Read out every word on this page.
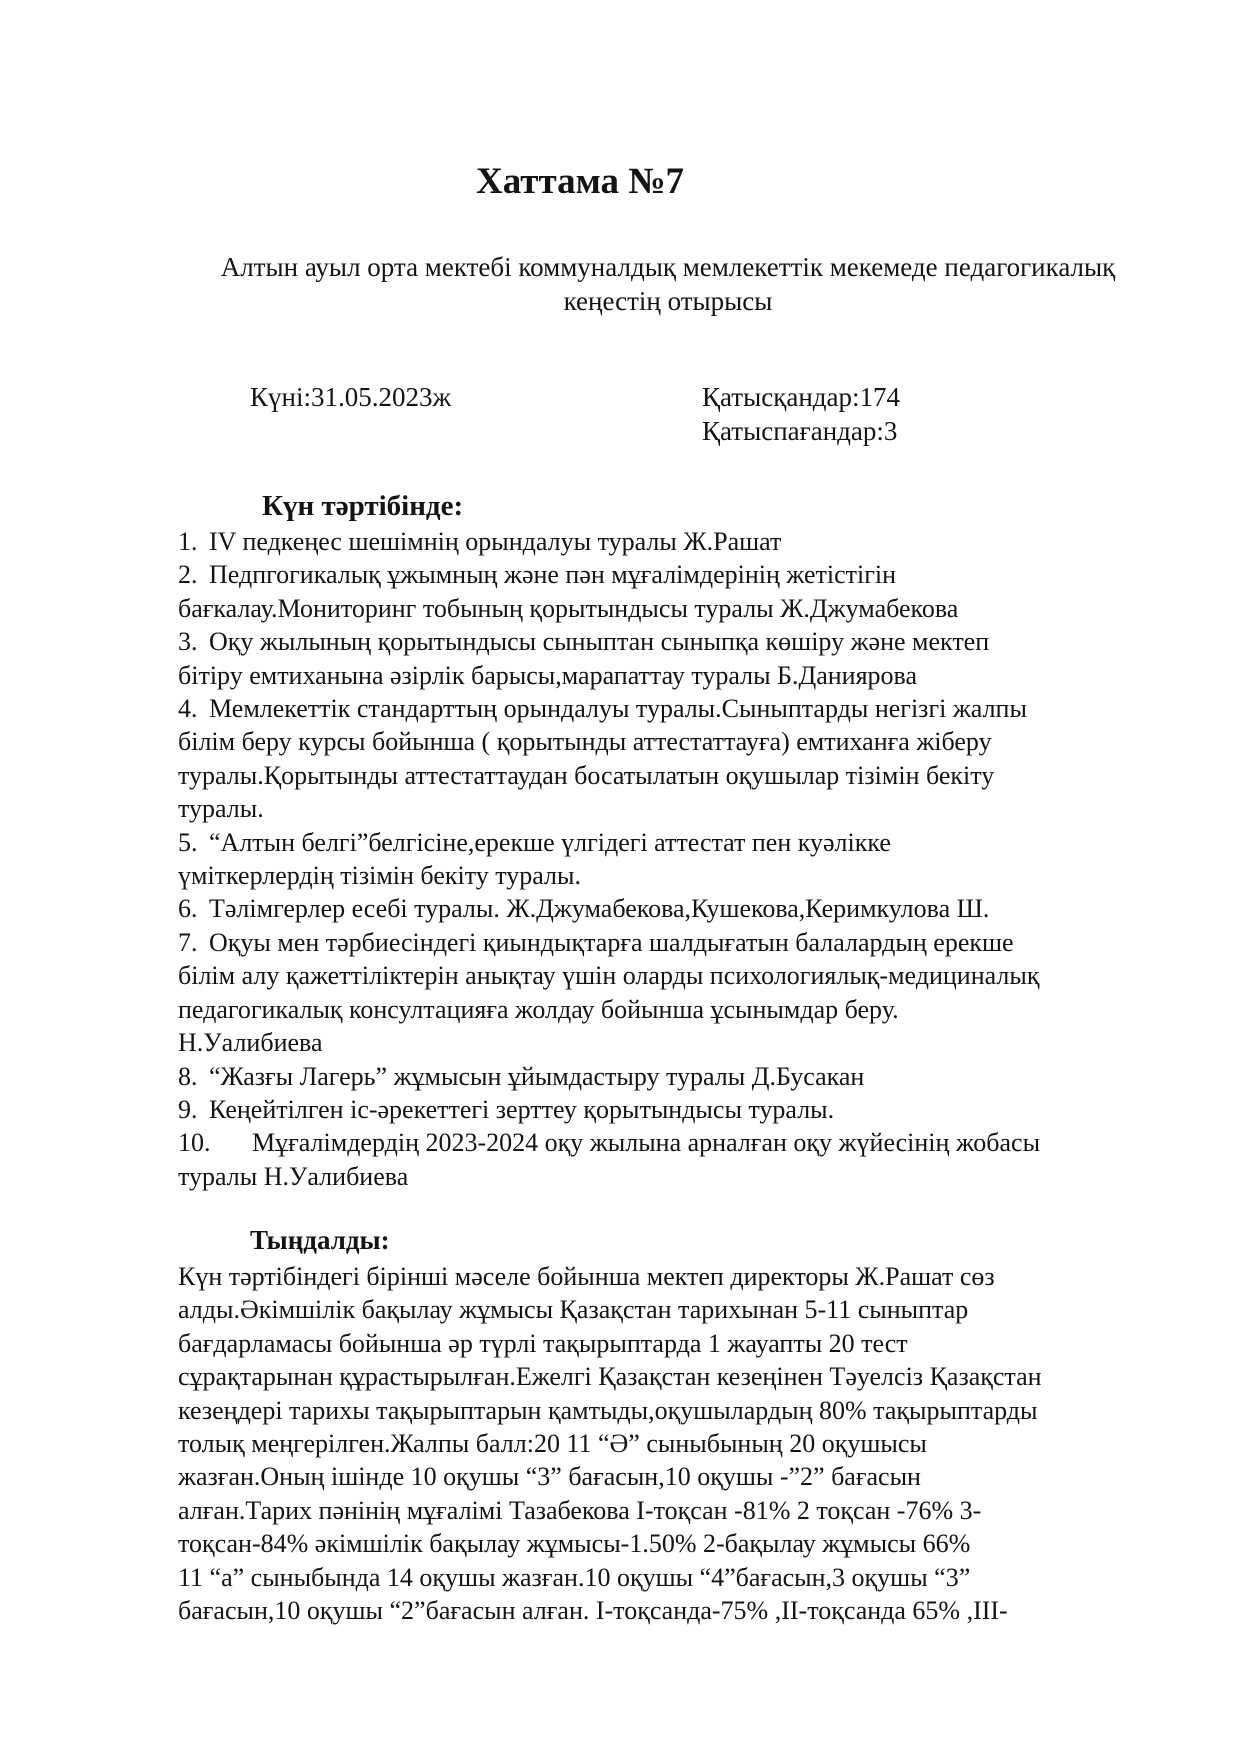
Хаттама №7
Алтын ауыл орта мектебі коммуналдық мемлекеттік мекемеде педагогикалық
кеңестің отырысы
Күні:31.05.2023ж	Қатысқандар:174
Қатыспағандар:3
Күн тәртібінде:
1. IV педкеңес шешімнің орындалуы туралы Ж.Рашат
2. Педпгогикалық ұжымның және пән мұғалімдерінің жетістігін
бағкалау.Мониторинг тобының қорытындысы туралы Ж.Джумабекова
3. Оқу жылының қорытындысы сыныптан сыныпқа көшіру және мектеп
бітіру емтиханына әзірлік барысы,марапаттау туралы Б.Даниярова
4. Мемлекеттік стандарттың орындалуы туралы.Сыныптарды негізгі жалпы
білім беру курсы бойынша ( қорытынды аттестаттауға) емтиханға жіберу
туралы.Қорытынды аттестаттаудан босатылатын оқушылар тізімін бекіту
туралы.
5. “Алтын белгі”белгісіне,ерекше үлгідегі аттестат пен куәлікке
үміткерлердің тізімін бекіту туралы.
6. Тәлімгерлер есебі туралы. Ж.Джумабекова,Кушекова,Керимкулова Ш.
7. Оқуы мен тәрбиесіндегі қиындықтарға шалдығатын балалардың ерекше
білім алу қажеттіліктерін анықтау үшін оларды психологиялық-медициналық
педагогикалық консултацияға жолдау бойынша ұсынымдар беру.
Н.Уалибиева
8. “Жазғы Лагерь” жұмысын ұйымдастыру туралы Д.Бусакан
9. Кеңейтілген іс-әрекеттегі зерттеу қорытындысы туралы.
10. Мұғалімдердің 2023-2024 оқу жылына арналған оқу жүйесінің жобасы
туралы Н.Уалибиева
Тыңдалды:
Күн тәртібіндегі бірінші мәселе бойынша мектеп директоры Ж.Рашат сөз
алды.Әкімшілік бақылау жұмысы Қазақстан тарихынан 5-11 сыныптар
бағдарламасы бойынша әр түрлі тақырыптарда 1 жауапты 20 тест
сұрақтарынан құрастырылған.Ежелгі Қазақстан кезеңінен Тәуелсіз Қазақстан
кезеңдері тарихы тақырыптарын қамтыды,оқушылардың 80% тақырыптарды
толық меңгерілген.Жалпы балл:20 11 “Ә” сыныбының 20 оқушысы
жазған.Оның ішінде 10 оқушы “3” бағасын,10 оқушы -”2” бағасын
алған.Тарих пәнінің мұғалімі Тазабекова І-тоқсан -81% 2 тоқсан -76% 3-
тоқсан-84% әкімшілік бақылау жұмысы-1.50% 2-бақылау жұмысы 66%
11 “а” сыныбында 14 оқушы жазған.10 оқушы “4”бағасын,3 оқушы “3”
бағасын,10 оқушы “2”бағасын алған. І-тоқсанда-75% ,ІІ-тоқсанда 65% ,ІІІ-
